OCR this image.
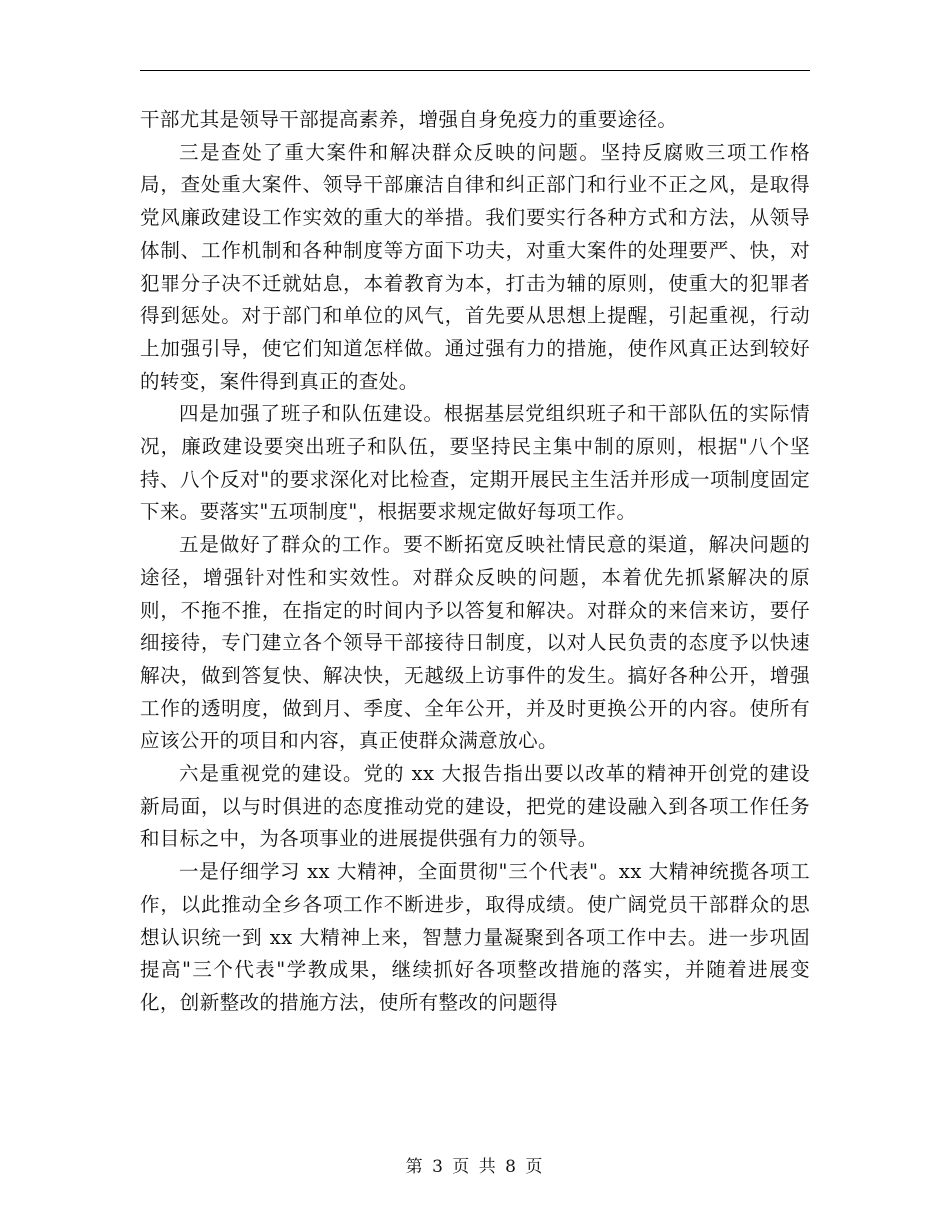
干部尤其是领导干部提高素养，增强自身免疫力的重要途径。

三是查处了重大案件和解决群众反映的问题。坚持反腐败三项工作格局，查处重大案件、领导干部廉洁自律和纠正部门和行业不正之风，是取得党风廉政建设工作实效的重大的举措。我们要实行各种方式和方法，从领导体制、工作机制和各种制度等方面下功夫，对重大案件的处理要严、快，对犯罪分子决不迁就姑息，本着教育为本，打击为辅的原则，使重大的犯罪者得到惩处。对于部门和单位的风气，首先要从思想上提醒，引起重视，行动上加强引导，使它们知道怎样做。通过强有力的措施，使作风真正达到较好的转变，案件得到真正的查处。

四是加强了班子和队伍建设。根据基层党组织班子和干部队伍的实际情况，廉政建设要突出班子和队伍，要坚持民主集中制的原则，根据"八个坚持、八个反对"的要求深化对比检查，定期开展民主生活并形成一项制度固定下来。要落实"五项制度"，根据要求规定做好每项工作。

五是做好了群众的工作。要不断拓宽反映社情民意的渠道，解决问题的途径，增强针对性和实效性。对群众反映的问题，本着优先抓紧解决的原则，不拖不推，在指定的时间内予以答复和解决。对群众的来信来访，要仔细接待，专门建立各个领导干部接待日制度，以对人民负责的态度予以快速解决，做到答复快、解决快，无越级上访事件的发生。搞好各种公开，增强工作的透明度，做到月、季度、全年公开，并及时更换公开的内容。使所有应该公开的项目和内容，真正使群众满意放心。

六是重视党的建设。党的 xx 大报告指出要以改革的精神开创党的建设新局面，以与时俱进的态度推动党的建设，把党的建设融入到各项工作任务和目标之中，为各项事业的进展提供强有力的领导。

一是仔细学习 xx 大精神，全面贯彻"三个代表"。xx 大精神统揽各项工作，以此推动全乡各项工作不断进步，取得成绩。使广阔党员干部群众的思想认识统一到 xx 大精神上来，智慧力量凝聚到各项工作中去。进一步巩固提高"三个代表"学教成果，继续抓好各项整改措施的落实，并随着进展变化，创新整改的措施方法，使所有整改的问题得

第 3 页 共 8 页
